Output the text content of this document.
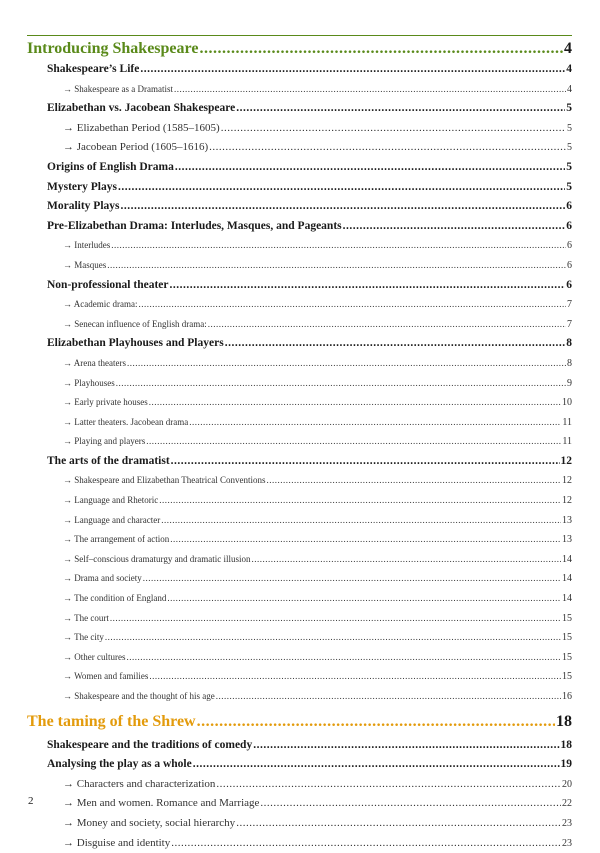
Introducing Shakespeare .....	4
Shakespeare’s Life .....	4
→ Shakespeare as a Dramatist .....	4
Elizabethan vs. Jacobean Shakespeare .....	5
→ Elizabethan Period (1585–1605) .....	5
→ Jacobean Period (1605–1616) .....	5
Origins of English Drama .....	5
Mystery Plays .....	5
Morality Plays .....	6
Pre-Elizabethan Drama: Interludes, Masques, and Pageants .....	6
→ Interludes .....	6
→ Masques .....	6
Non-professional theater .....	6
→ Academic drama: .....	7
→ Senecan influence of English drama: .....	7
Elizabethan Playhouses and Players .....	8
→ Arena theaters .....	8
→ Playhouses .....	9
→ Early private houses .....	10
→ Latter theaters. Jacobean drama .....	11
→ Playing and players .....	11
The arts of the dramatist .....	12
→ Shakespeare and Elizabethan Theatrical Conventions .....	12
→ Language and Rhetoric .....	12
→ Language and character .....	13
→ The arrangement of action .....	13
→ Self–conscious dramaturgy and dramatic illusion .....	14
→ Drama and society .....	14
→ The condition of England .....	14
→ The court .....	15
→ The city .....	15
→ Other cultures .....	15
→ Women and families .....	15
→ Shakespeare and the thought of his age .....	16
The taming of the Shrew .....	18
Shakespeare and the traditions of comedy .....	18
Analysing the play as a whole .....	19
→ Characters and characterization .....	20
→ Men and women. Romance and Marriage .....	22
→ Money and society, social hierarchy .....	23
→ Disguise and identity .....	23
2
